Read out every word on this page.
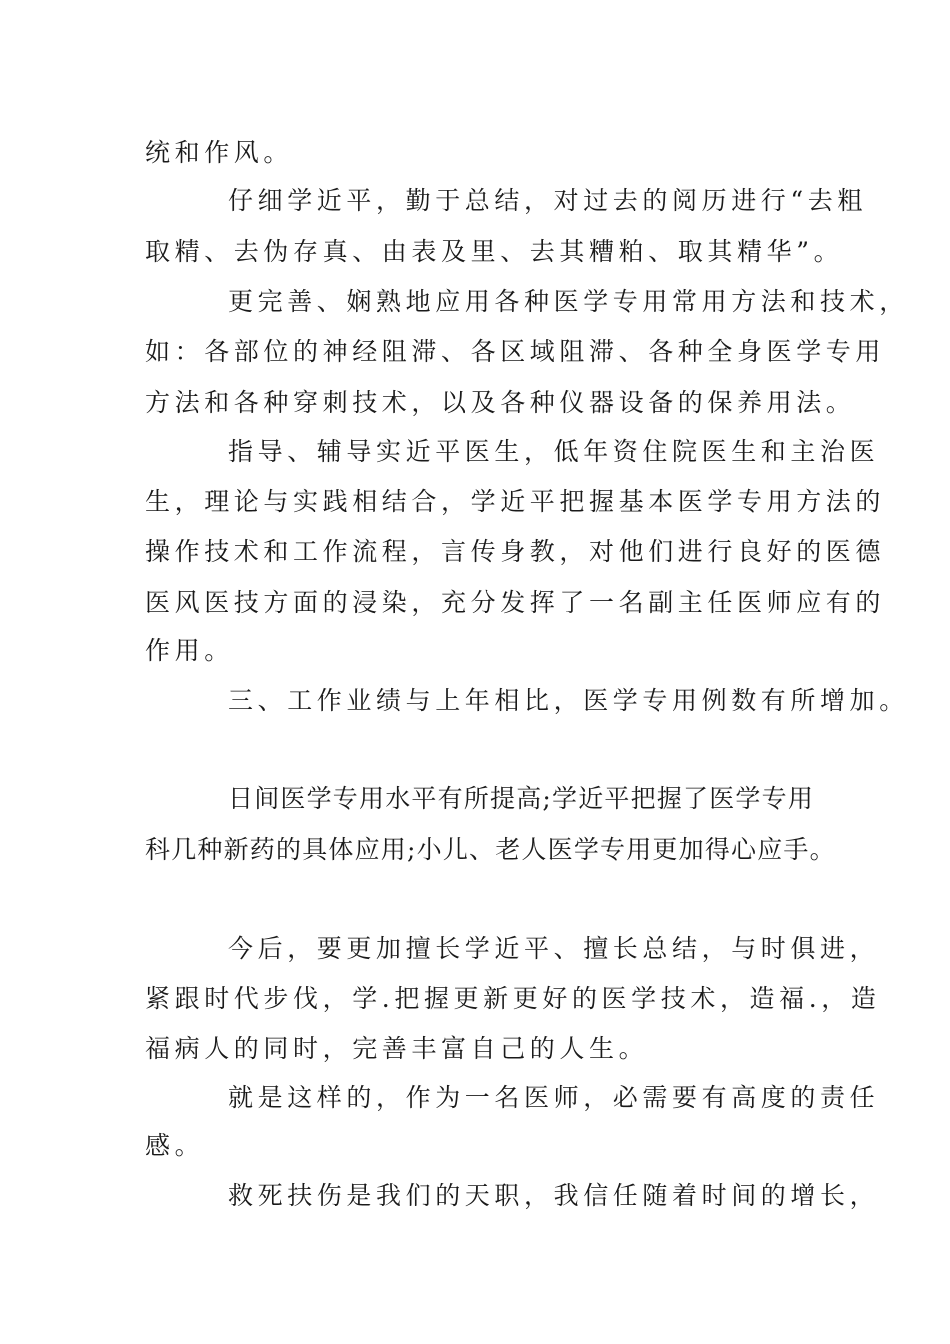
统和作风。
仔细学近平，勤于总结，对过去的阅历进行“去粗
取精、去伪存真、由表及里、去其糟粕、取其精华”。
更完善、娴熟地应用各种医学专用常用方法和技术，
如：各部位的神经阻滞、各区域阻滞、各种全身医学专用
方法和各种穿刺技术，以及各种仪器设备的保养用法。
指导、辅导实近平医生，低年资住院医生和主治医
生，理论与实践相结合，学近平把握基本医学专用方法的
操作技术和工作流程，言传身教，对他们进行良好的医德
医风医技方面的浸染，充分发挥了一名副主任医师应有的
作用。
三、工作业绩与上年相比，医学专用例数有所增加。
日间医学专用水平有所提高;学近平把握了医学专用
科几种新药的具体应用;小儿、老人医学专用更加得心应手。
今后，要更加擅长学近平、擅长总结，与时俱进，
紧跟时代步伐，学.把握更新更好的医学技术，造福.，造
福病人的同时，完善丰富自己的人生。
就是这样的，作为一名医师，必需要有高度的责任
感。
救死扶伤是我们的天职，我信任随着时间的增长，
